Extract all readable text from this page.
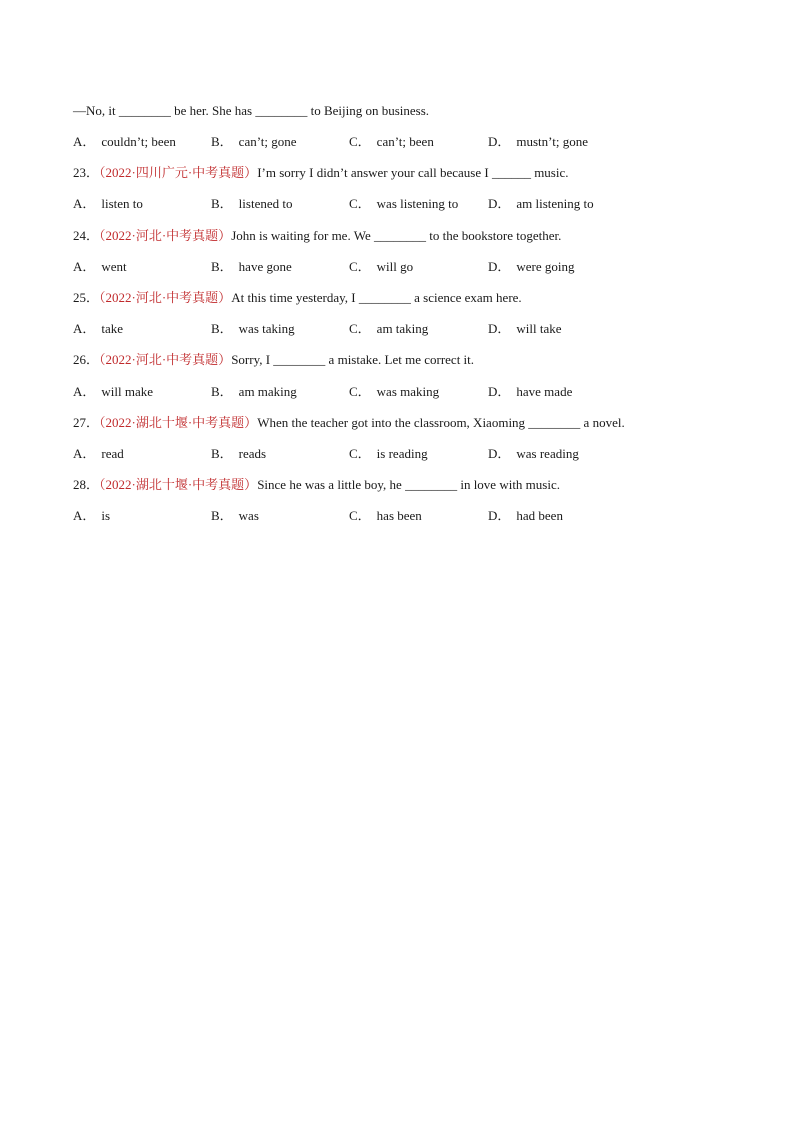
—No, it ________ be her. She has ________ to Beijing on business.
A． couldn’t; been	B． can’t; gone	C． can’t; been	D． mustn’t; gone
23．（2022·四川广元·中考真题）I’m sorry I didn’t answer your call because I ______ music.
A． listen to	B． listened to	C． was listening to D． am listening to
24．（2022·河北·中考真题）John is waiting for me. We ________ to the bookstore together.
A． went	B． have gone	C． will go	D． were going
25．（2022·河北·中考真题）At this time yesterday, I ________ a science exam here.
A． take	B． was taking	C． am taking	D． will take
26．（2022·河北·中考真题）Sorry, I ________ a mistake. Let me correct it.
A． will make	B． am making	C． was making	D． have made
27．（2022·湖北十堰·中考真题）When the teacher got into the classroom, Xiaoming ________ a novel.
A． read	B． reads	C． is reading	D． was reading
28．（2022·湖北十堰·中考真题）Since he was a little boy, he ________ in love with music.
A． is	B． was	C． has been	D． had been
